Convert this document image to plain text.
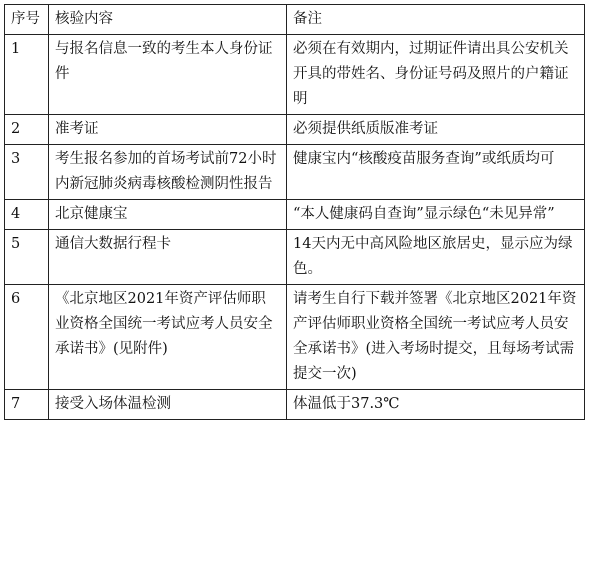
序号	核验内容	备注
1	与报名信息一致的考生本人身份证件	必须在有效期内，过期证件请出具公安机关开具的带姓名、身份证号码及照片的户籍证明
2	准考证	必须提供纸质版准考证
3	考生报名参加的首场考试前72小时内新冠肺炎病毒核酸检测阴性报告	健康宝内“核酸疫苗服务查询”或纸质均可
4	北京健康宝	“本人健康码自查询”显示绿色“未见异常”
5	通信大数据行程卡	14天内无中高风险地区旅居史，显示应为绿色。
6	《北京地区2021年资产评估师职业资格全国统一考试应考人员安全承诺书》(见附件)	请考生自行下载并签署《北京地区2021年资产评估师职业资格全国统一考试应考人员安全承诺书》(进入考场时提交，且每场考试需提交一次)
7	接受入场体温检测	体温低于37.3℃
